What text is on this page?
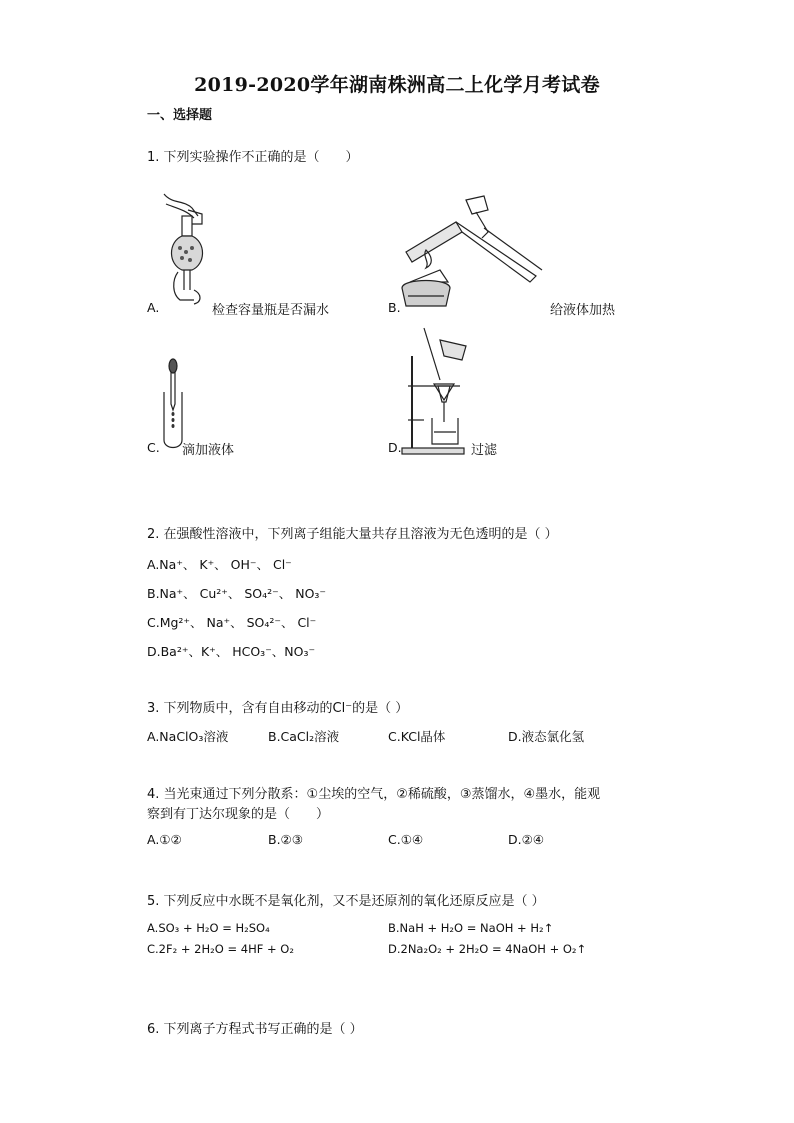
2019-2020学年湖南株洲高二上化学月考试卷
一、选择题
1. 下列实验操作不正确的是（　　）
A.	检查容量瓶是否漏水	B.	给液体加热
C. 滴加液体	D.	过滤
2. 在强酸性溶液中，下列离子组能大量共存且溶液为无色透明的是（ ）
A.Na⁺、 K⁺、 OH⁻、 Cl⁻
B.Na⁺、 Cu²⁺、 SO₄²⁻、 NO₃⁻
C.Mg²⁺、 Na⁺、 SO₄²⁻、 Cl⁻
D.Ba²⁺、K⁺、 HCO₃⁻、NO₃⁻
3. 下列物质中，含有自由移动的Cl⁻的是（ ）
A.NaClO₃溶液	B.CaCl₂溶液	C.KCl晶体	D.液态氯化氢
4. 当光束通过下列分散系：①尘埃的空气，②稀硫酸，③蒸馏水，④墨水，能观
察到有丁达尔现象的是（　　）
A.①②	B.②③	C.①④	D.②④
5. 下列反应中水既不是氧化剂，又不是还原剂的氧化还原反应是（ ）
A.SO₃ + H₂O = H₂SO₄	B.NaH + H₂O = NaOH + H₂↑
C.2F₂ + 2H₂O = 4HF + O₂	D.2Na₂O₂ + 2H₂O = 4NaOH + O₂↑
6. 下列离子方程式书写正确的是（ ）
